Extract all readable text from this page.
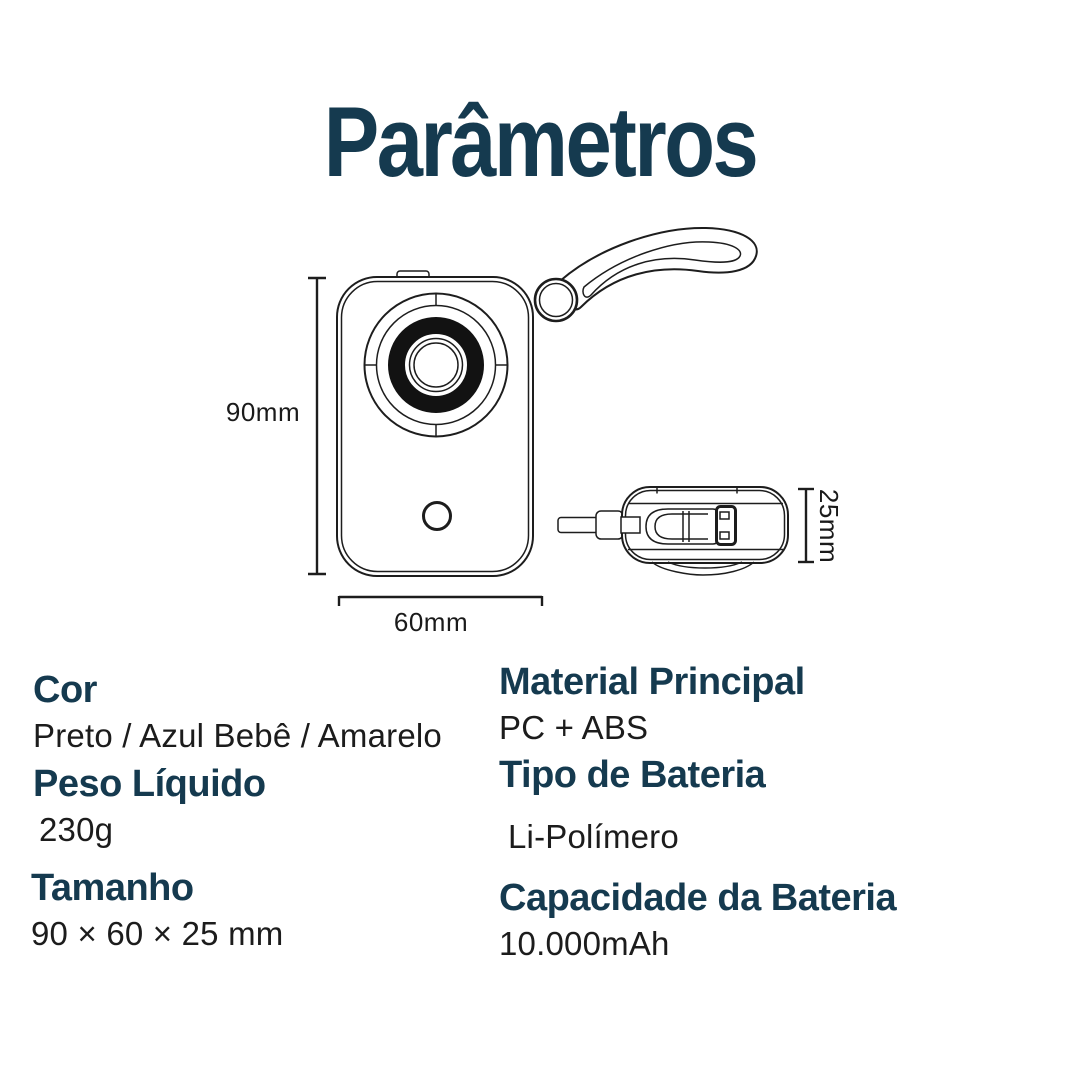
Parâmetros
90mm
60mm
25mm
Cor

Preto / Azul Bebê / Amarelo

Peso Líquido

230g

Tamanho

90 × 60 × 25 mm

Material Principal

PC + ABS

Tipo de Bateria

Li-Polímero

Capacidade da Bateria

10.000mAh
